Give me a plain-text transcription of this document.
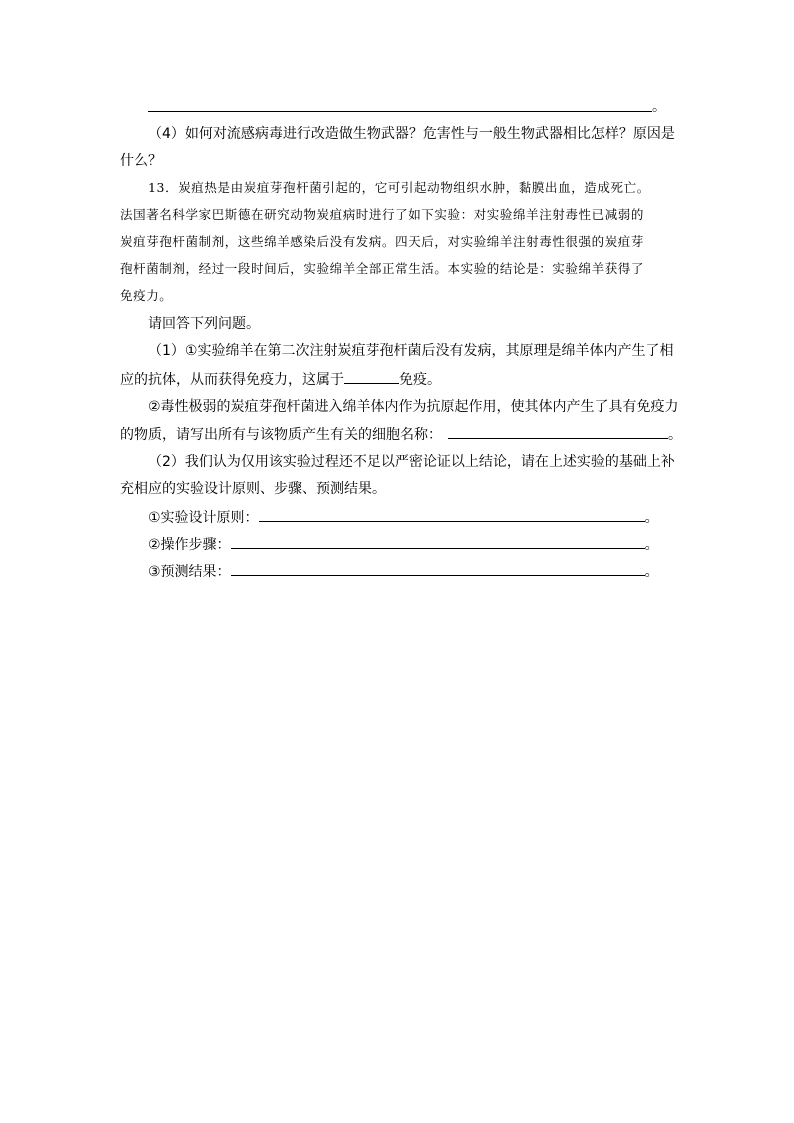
。
（4）如何对流感病毒进行改造做生物武器？危害性与一般生物武器相比怎样？原因是
什么？
13．炭疽热是由炭疽芽孢杆菌引起的，它可引起动物组织水肿，黏膜出血，造成死亡。
法国著名科学家巴斯德在研究动物炭疽病时进行了如下实验：对实验绵羊注射毒性已减弱的
炭疽芽孢杆菌制剂，这些绵羊感染后没有发病。四天后，对实验绵羊注射毒性很强的炭疽芽
孢杆菌制剂，经过一段时间后，实验绵羊全部正常生活。本实验的结论是：实验绵羊获得了
免疫力。
请回答下列问题。
（1）①实验绵羊在第二次注射炭疽芽孢杆菌后没有发病，其原理是绵羊体内产生了相
应的抗体，从而获得免疫力，这属于	免疫。
②毒性极弱的炭疽芽孢杆菌进入绵羊体内作为抗原起作用，使其体内产生了具有免疫力
的物质，请写出所有与该物质产生有关的细胞名称：	。
（2）我们认为仅用该实验过程还不足以严密论证以上结论，请在上述实验的基础上补
充相应的实验设计原则、步骤、预测结果。
①实验设计原则：	。
②操作步骤：	。
③预测结果：	。
